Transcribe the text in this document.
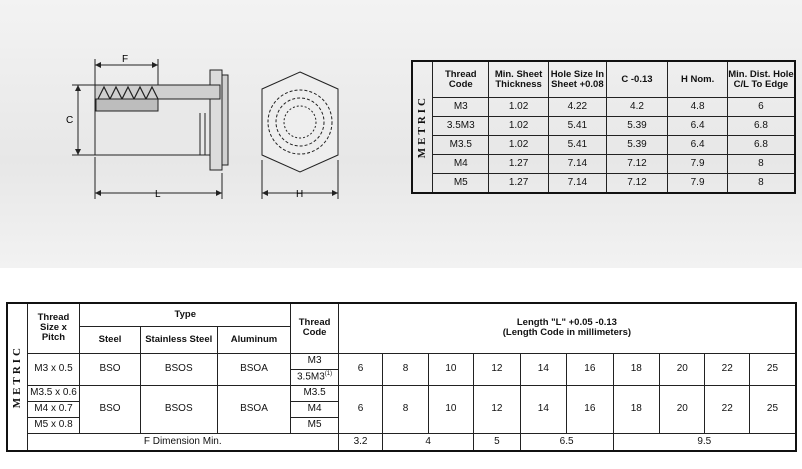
F
C
L	H
METRIC	Thread Code	Min. Sheet Thickness	Hole Size In Sheet +0.08	C -0.13	H Nom.	Min. Dist. Hole C/L To Edge
	M3	1.02	4.22	4.2	4.8	6
	3.5M3	1.02	5.41	5.39	6.4	6.8
	M3.5	1.02	5.41	5.39	6.4	6.8
	M4	1.27	7.14	7.12	7.9	8
	M5	1.27	7.14	7.12	7.9	8
METRIC	Thread Size x Pitch	Type			Thread Code	Length "L" +0.05 -0.13
(Length Code in millimeters)									
		Steel	Stainless Steel	Aluminum											
	M3 x 0.5	BSO	BSOS	BSOA	M3	6	8	10	12	14	16	18	20	22	25
					3.5M3$^{(1)}$
	M3.5 x 0.6	BSO	BSOS	BSOA	M3.5	6	8	10	12	14	16	18	20	22	25
	M4 x 0.7				M4										
	M5 x 0.8				M5										
	F Dimension Min.					3.2	4		5	6.5		9.5			
